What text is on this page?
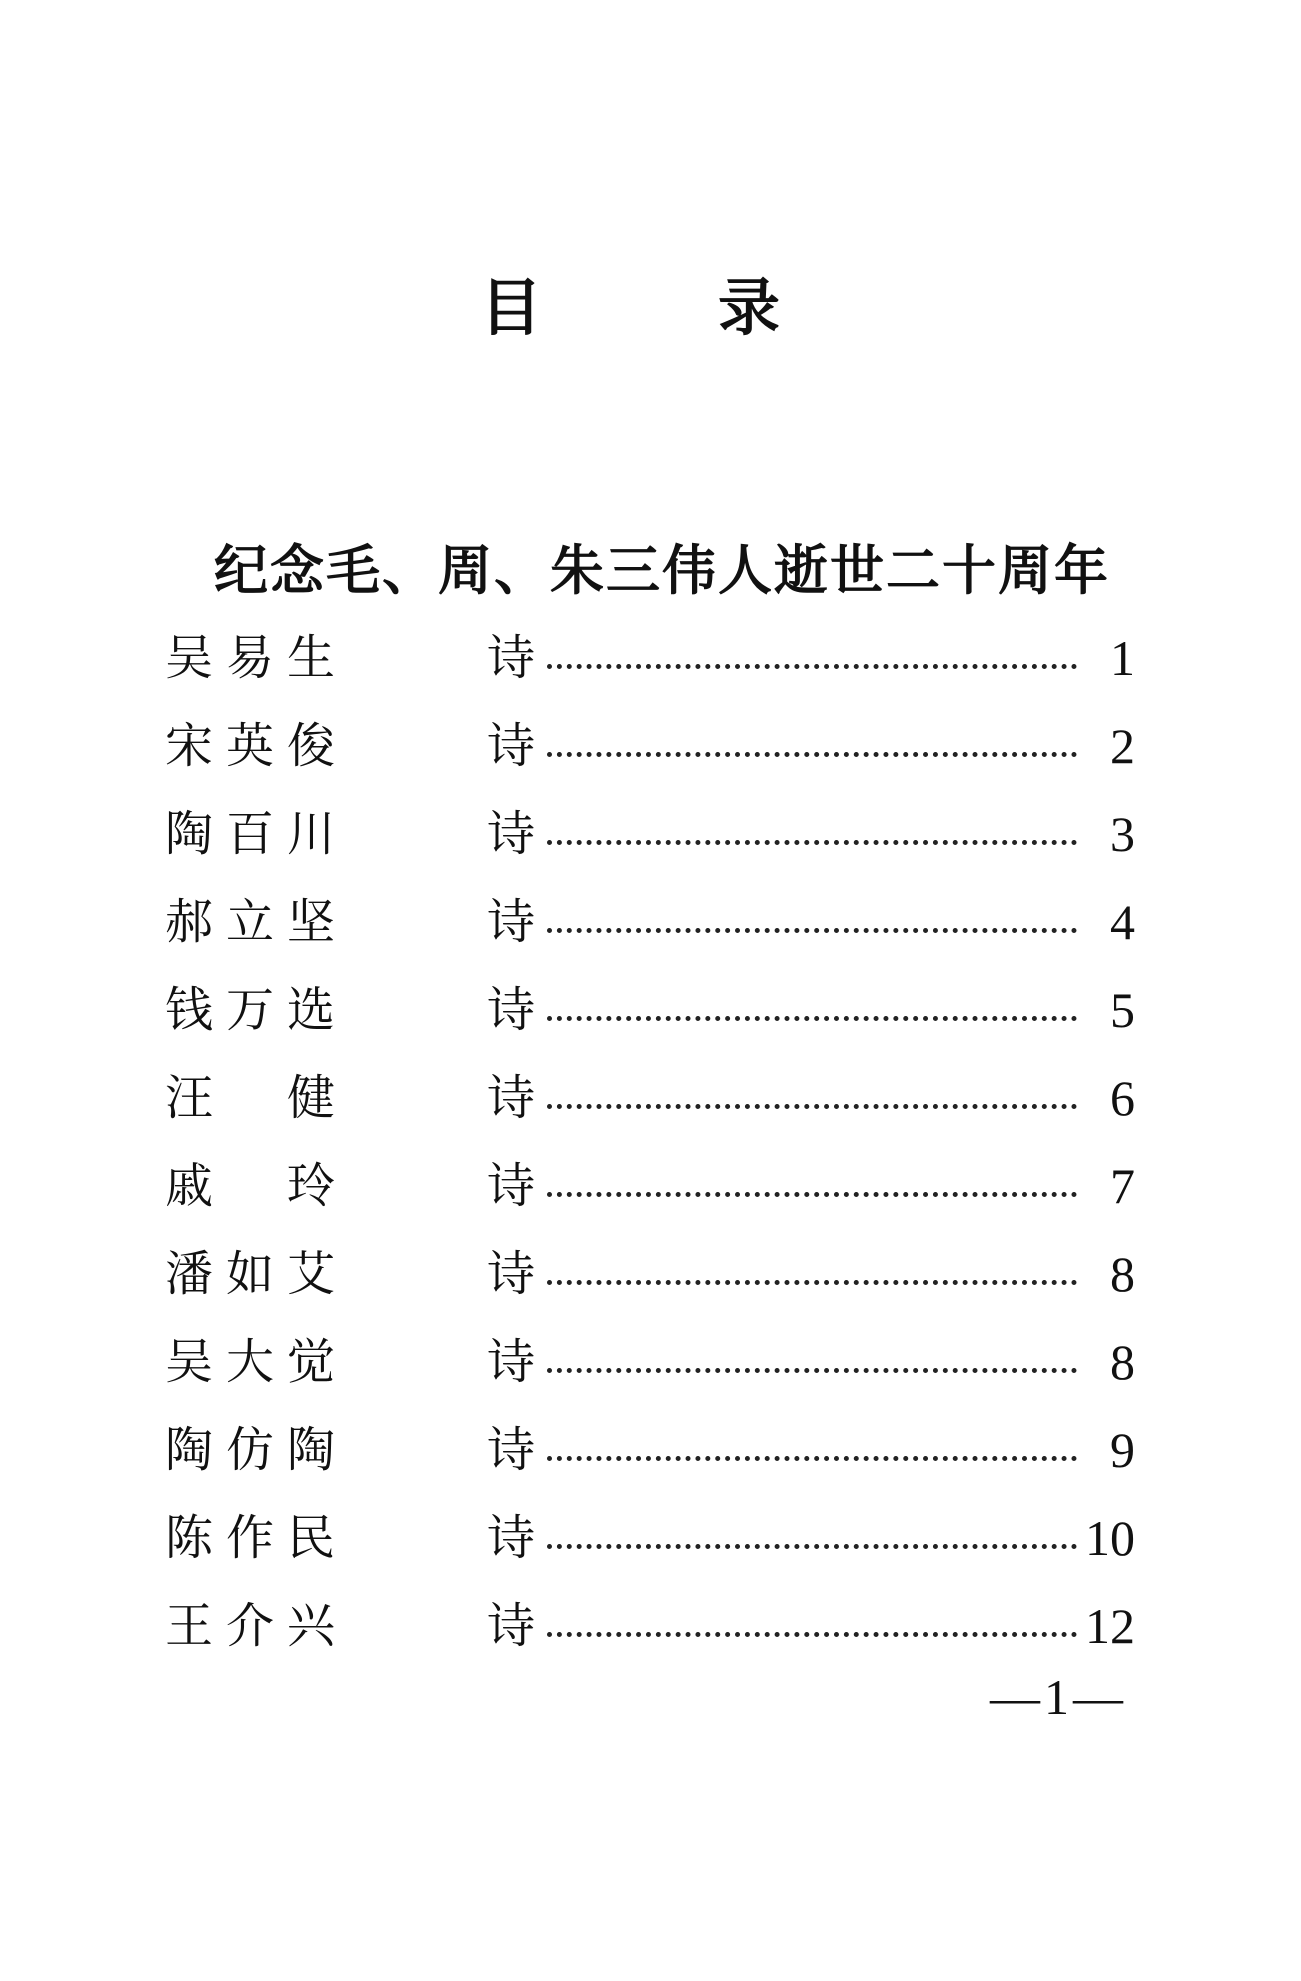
目	录
纪念毛、周、朱三伟人逝世二十周年
吴 易 生	诗	1
宋 英 俊	诗	2
陶 百 川	诗	3
郝 立 坚	诗	4
钱 万 选	诗	5
汪 健	诗	6
戚 玲	诗	7
潘 如 艾	诗	8
吴 大 觉	诗	8
陶 仿 陶	诗	9
陈 作 民	诗	10
王 介 兴	诗	12
—1—
